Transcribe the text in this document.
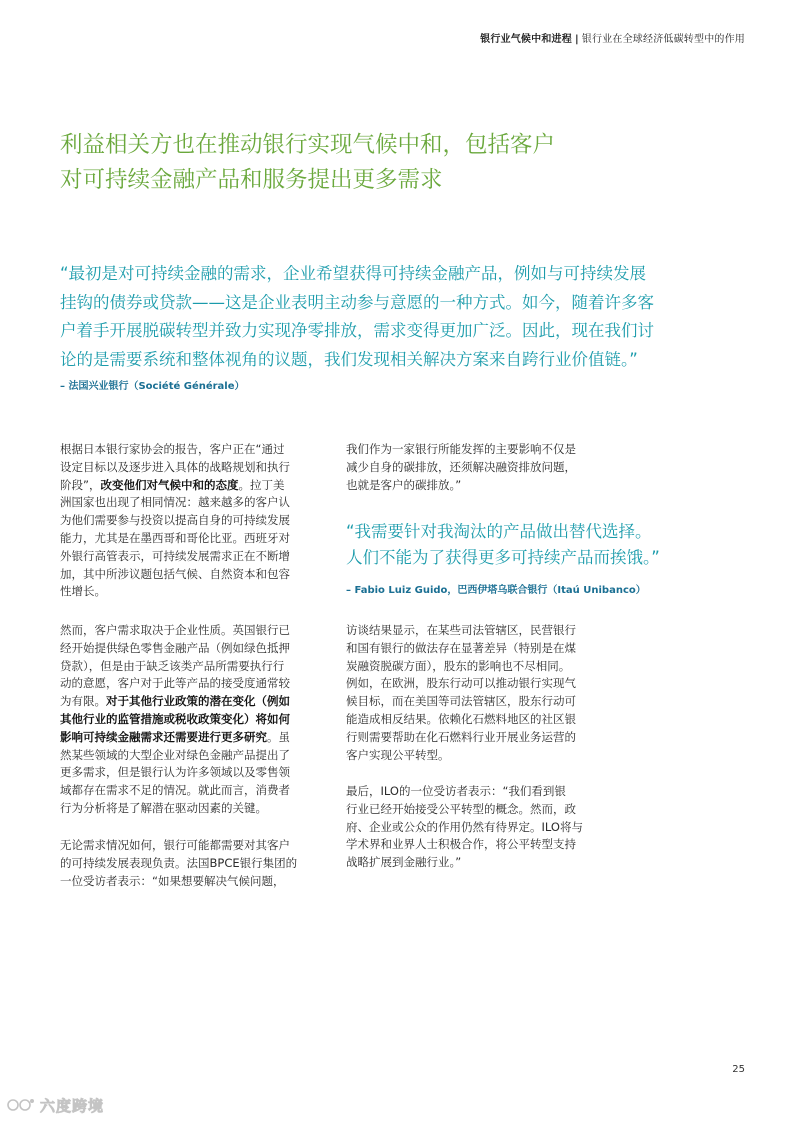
银行业气候中和进程 | 银行业在全球经济低碳转型中的作用
利益相关方也在推动银行实现气候中和，包括客户
对可持续金融产品和服务提出更多需求
“最初是对可持续金融的需求，企业希望获得可持续金融产品，例如与可持续发展
挂钩的债券或贷款——这是企业表明主动参与意愿的一种方式。如今，随着许多客
户着手开展脱碳转型并致力实现净零排放，需求变得更加广泛。因此，现在我们讨
论的是需要系统和整体视角的议题，我们发现相关解决方案来自跨行业价值链。”
– 法国兴业银行（Société Générale）

根据日本银行家协会的报告，客户正在“通过
设定目标以及逐步进入具体的战略规划和执行
阶段”，改变他们对气候中和的态度。拉丁美
洲国家也出现了相同情况：越来越多的客户认
为他们需要参与投资以提高自身的可持续发展
能力，尤其是在墨西哥和哥伦比亚。西班牙对
外银行高管表示，可持续发展需求正在不断增
加，其中所涉议题包括气候、自然资本和包容
性增长。

然而，客户需求取决于企业性质。英国银行已
经开始提供绿色零售金融产品（例如绿色抵押
贷款），但是由于缺乏该类产品所需要执行行
动的意愿，客户对于此等产品的接受度通常较
为有限。对于其他行业政策的潜在变化（例如
其他行业的监管措施或税收政策变化）将如何
影响可持续金融需求还需要进行更多研究。虽
然某些领域的大型企业对绿色金融产品提出了
更多需求，但是银行认为许多领域以及零售领
域都存在需求不足的情况。就此而言，消费者
行为分析将是了解潜在驱动因素的关键。

无论需求情况如何，银行可能都需要对其客户
的可持续发展表现负责。法国BPCE银行集团的
一位受访者表示：“如果想要解决气候问题，

我们作为一家银行所能发挥的主要影响不仅是
减少自身的碳排放，还须解决融资排放问题，
也就是客户的碳排放。”

“我需要针对我淘汰的产品做出替代选择。
人们不能为了获得更多可持续产品而挨饿。”
– Fabio Luiz Guido，巴西伊塔乌联合银行（Itaú Unibanco）

访谈结果显示，在某些司法管辖区，民营银行
和国有银行的做法存在显著差异（特别是在煤
炭融资脱碳方面），股东的影响也不尽相同。
例如，在欧洲，股东行动可以推动银行实现气
候目标，而在美国等司法管辖区，股东行动可
能造成相反结果。依赖化石燃料地区的社区银
行则需要帮助在化石燃料行业开展业务运营的
客户实现公平转型。

最后，ILO的一位受访者表示：“我们看到银
行业已经开始接受公平转型的概念。然而，政
府、企业或公众的作用仍然有待界定。ILO将与
学术界和业界人士积极合作，将公平转型支持
战略扩展到金融行业。”

25
六度跨境
